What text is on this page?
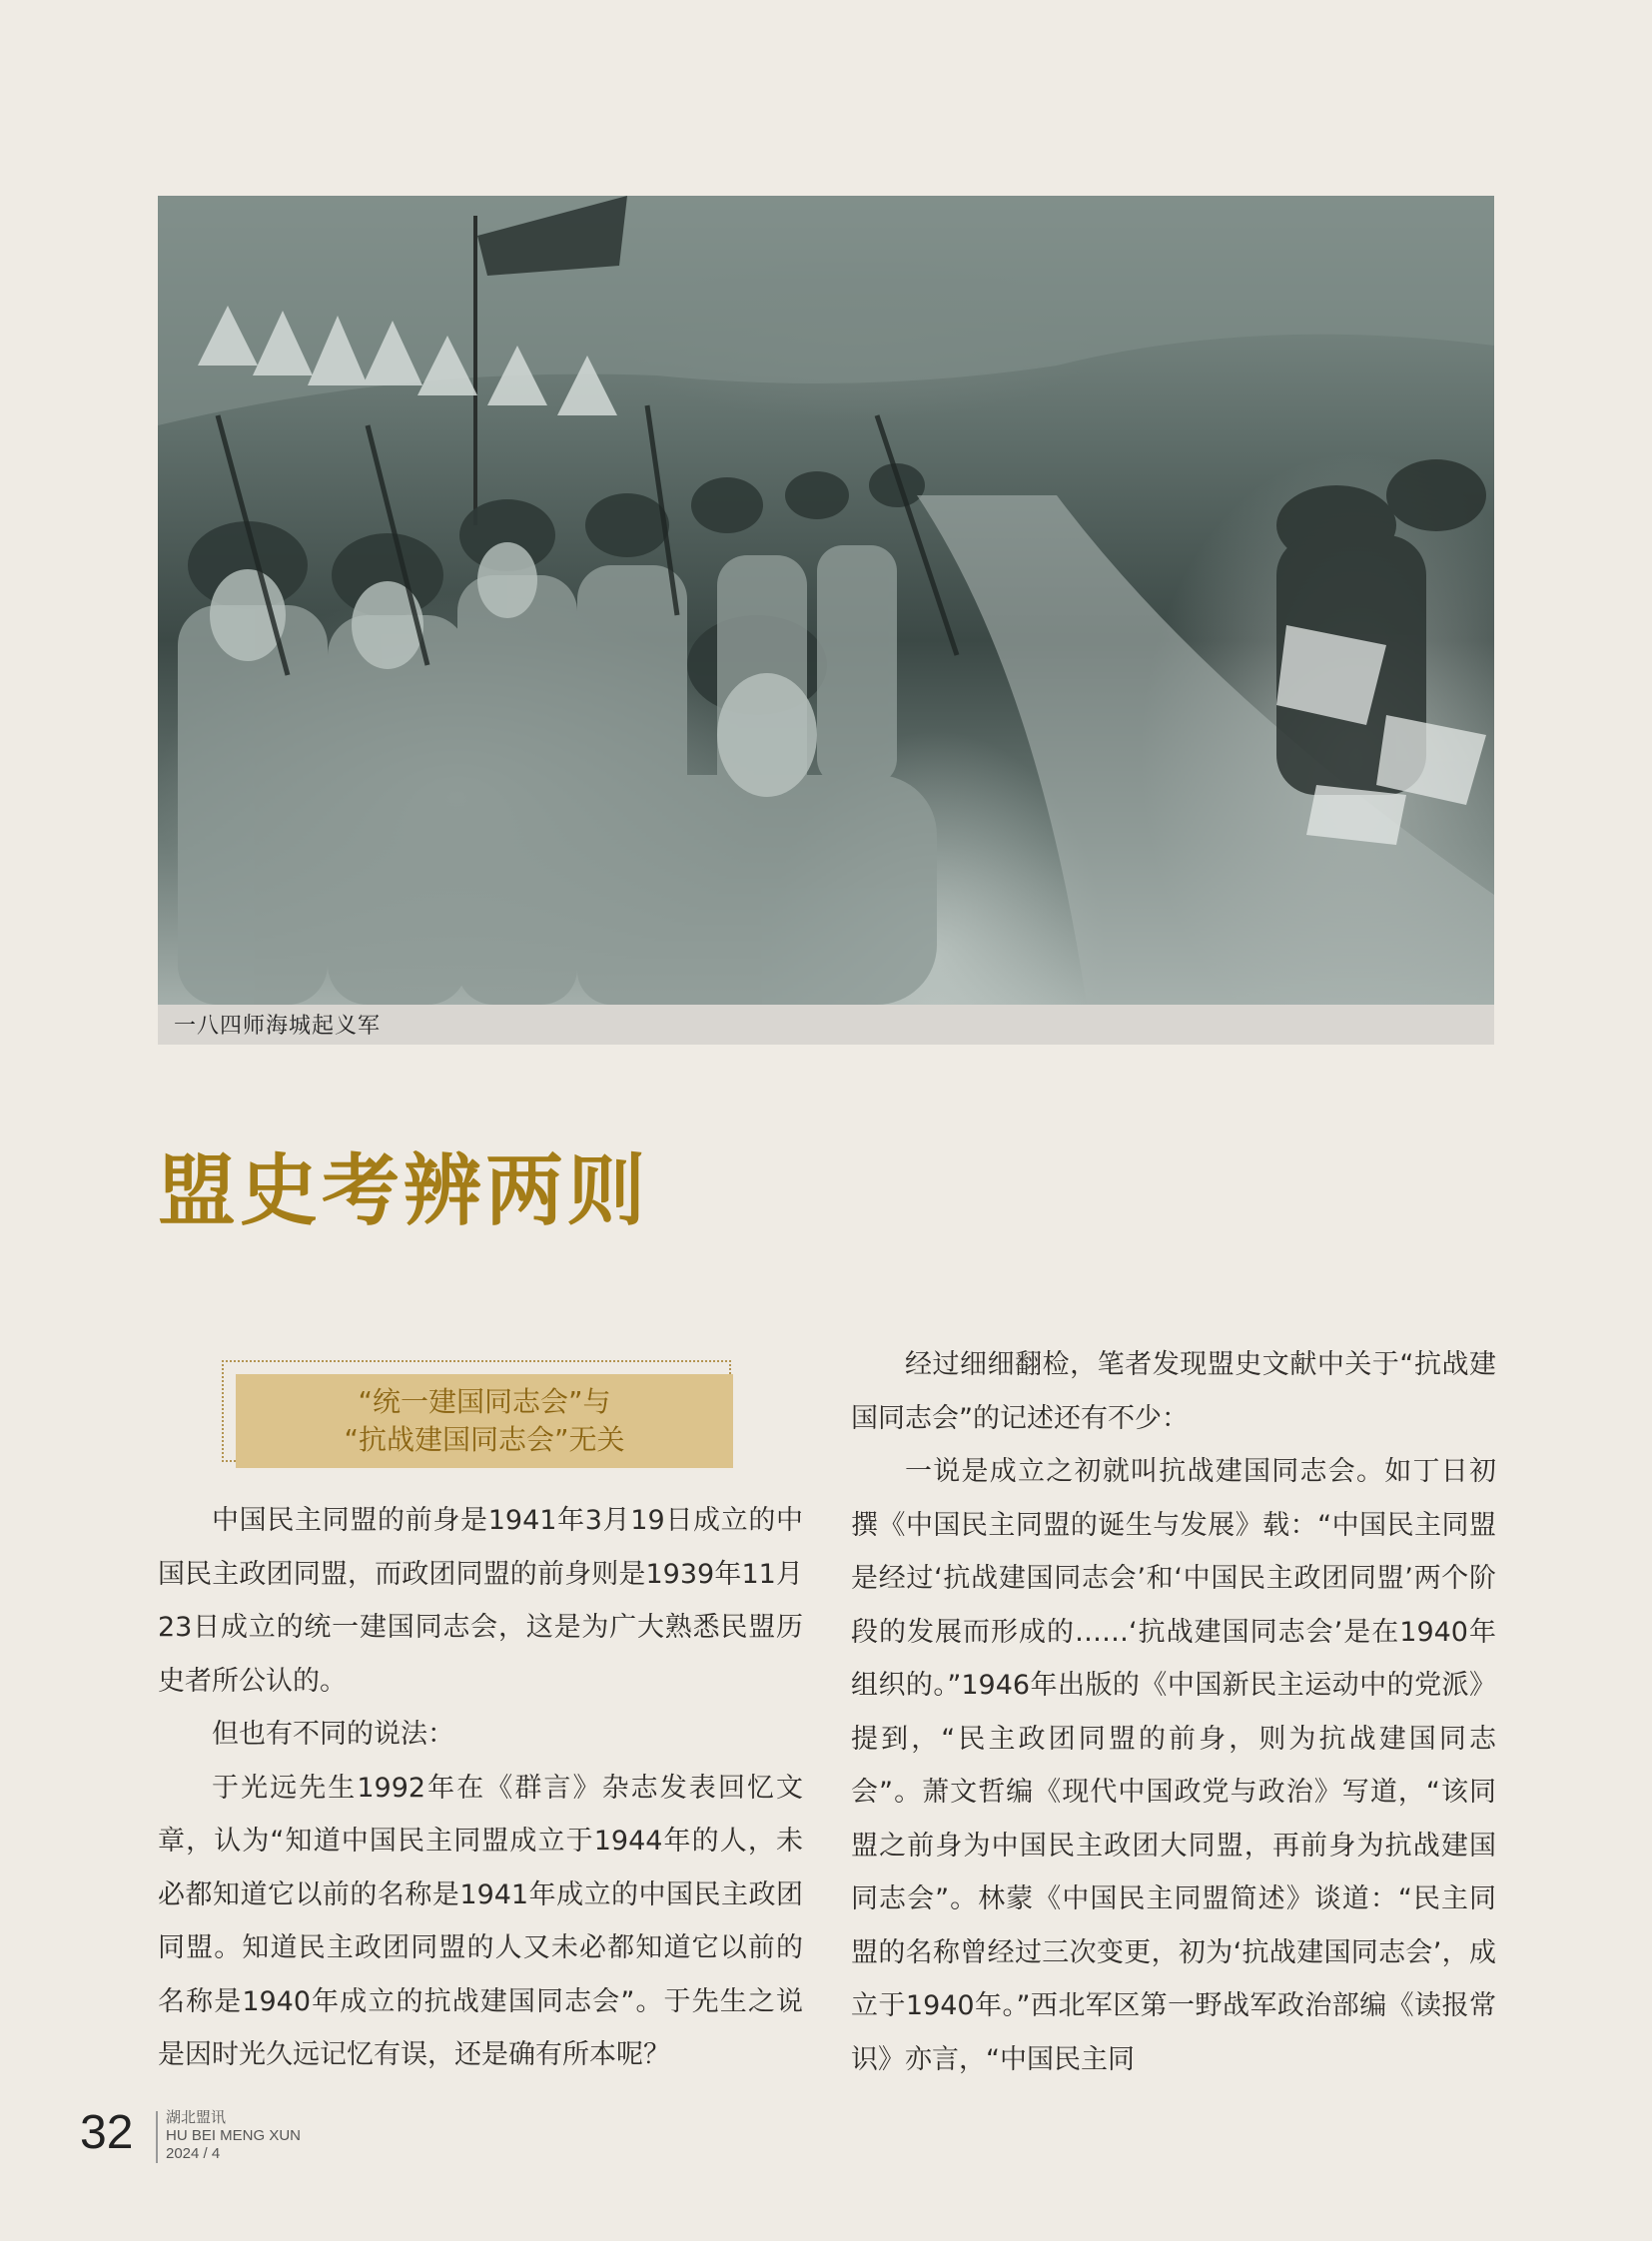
一八四师海城起义军
盟史考辨两则
“统一建国同志会”与
“抗战建国同志会”无关

中国民主同盟的前身是1941年3月19日成立的中国民主政团同盟，而政团同盟的前身则是1939年11月23日成立的统一建国同志会，这是为广大熟悉民盟历史者所公认的。

但也有不同的说法：

于光远先生1992年在《群言》杂志发表回忆文章，认为“知道中国民主同盟成立于1944年的人，未必都知道它以前的名称是1941年成立的中国民主政团同盟。知道民主政团同盟的人又未必都知道它以前的名称是1940年成立的抗战建国同志会”。于先生之说是因时光久远记忆有误，还是确有所本呢？

经过细细翻检，笔者发现盟史文献中关于“抗战建国同志会”的记述还有不少：

一说是成立之初就叫抗战建国同志会。如丁日初撰《中国民主同盟的诞生与发展》载：“中国民主同盟是经过‘抗战建国同志会’和‘中国民主政团同盟’两个阶段的发展而形成的……‘抗战建国同志会’是在1940年组织的。”1946年出版的《中国新民主运动中的党派》提到，“民主政团同盟的前身，则为抗战建国同志会”。萧文哲编《现代中国政党与政治》写道，“该同盟之前身为中国民主政团大同盟，再前身为抗战建国同志会”。林蒙《中国民主同盟简述》谈道：“民主同盟的名称曾经过三次变更，初为‘抗战建国同志会’，成立于1940年。”西北军区第一野战军政治部编《读报常识》亦言，“中国民主同

32 湖北盟讯
HU BEI MENG XUN
2024 / 4
